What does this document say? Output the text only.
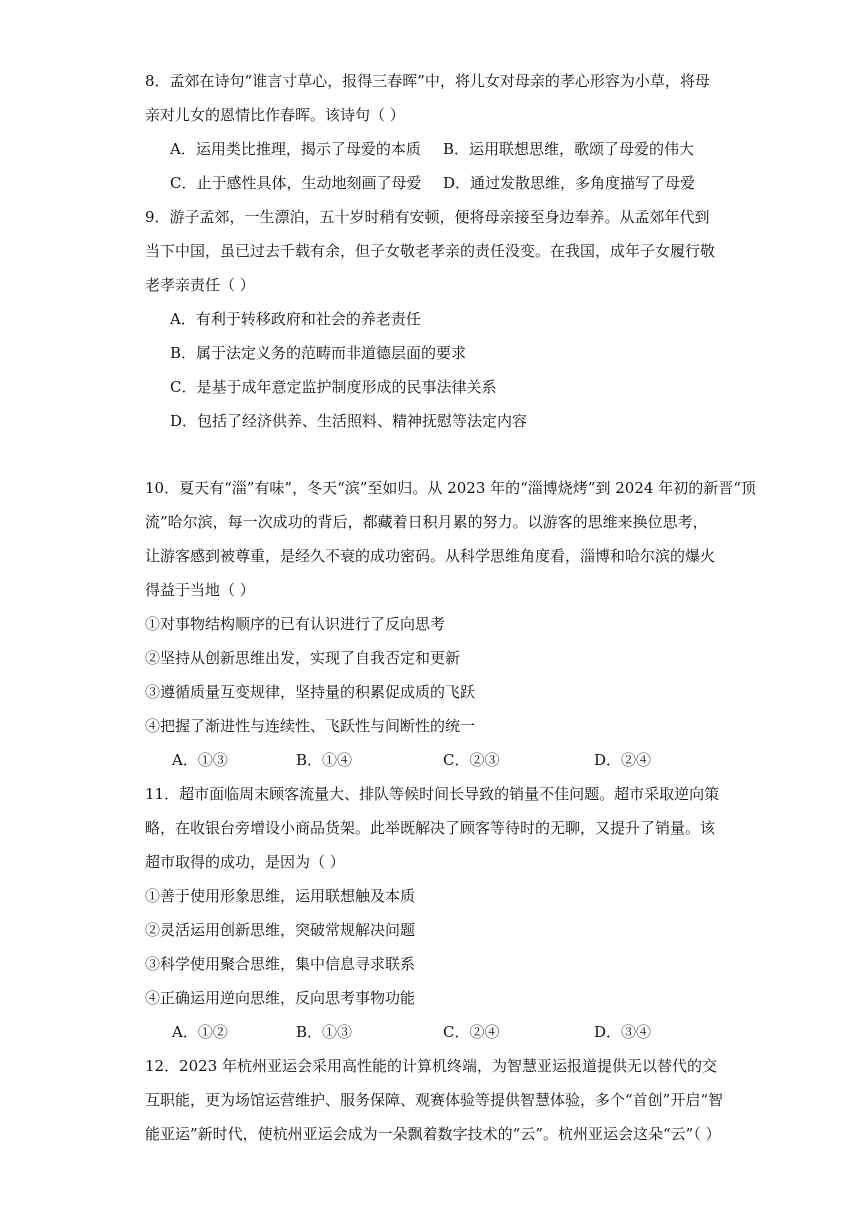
8．孟郊在诗句“谁言寸草心，报得三春晖”中，将儿女对母亲的孝心形容为小草，将母
亲对儿女的恩情比作春晖。该诗句（ ）
A．运用类比推理，揭示了母爱的本质 B．运用联想思维，歌颂了母爱的伟大
C．止于感性具体，生动地刻画了母爱 D．通过发散思维，多角度描写了母爱
9．游子孟郊，一生漂泊，五十岁时稍有安顿，便将母亲接至身边奉养。从孟郊年代到
当下中国，虽已过去千载有余，但子女敬老孝亲的责任没变。在我国，成年子女履行敬
老孝亲责任（ ）
A．有利于转移政府和社会的养老责任
B．属于法定义务的范畴而非道德层面的要求
C．是基于成年意定监护制度形成的民事法律关系
D．包括了经济供养、生活照料、精神抚慰等法定内容
10．夏天有“淄”有味”，冬天“滨”至如归。从 2023 年的“淄博烧烤”到 2024 年初的新晋“顶
流”哈尔滨，每一次成功的背后，都藏着日积月累的努力。以游客的思维来换位思考，
让游客感到被尊重，是经久不衰的成功密码。从科学思维角度看，淄博和哈尔滨的爆火
得益于当地（ ）
①对事物结构顺序的已有认识进行了反向思考
②坚持从创新思维出发，实现了自我否定和更新
③遵循质量互变规律，坚持量的积累促成质的飞跃
④把握了渐进性与连续性、飞跃性与间断性的统一
A．①③	B．①④	C．②③	D．②④
11．超市面临周末顾客流量大、排队等候时间长导致的销量不佳问题。超市采取逆向策
略，在收银台旁增设小商品货架。此举既解决了顾客等待时的无聊，又提升了销量。该
超市取得的成功，是因为（ ）
①善于使用形象思维，运用联想触及本质
②灵活运用创新思维，突破常规解决问题
③科学使用聚合思维，集中信息寻求联系
④正确运用逆向思维，反向思考事物功能
A．①②	B．①③	C．②④	D．③④
12．2023 年杭州亚运会采用高性能的计算机终端，为智慧亚运报道提供无以替代的交
互职能，更为场馆运营维护、服务保障、观赛体验等提供智慧体验，多个“首创”开启“智
能亚运”新时代，使杭州亚运会成为一朵飘着数字技术的“云”。杭州亚运会这朵“云”（ ）
